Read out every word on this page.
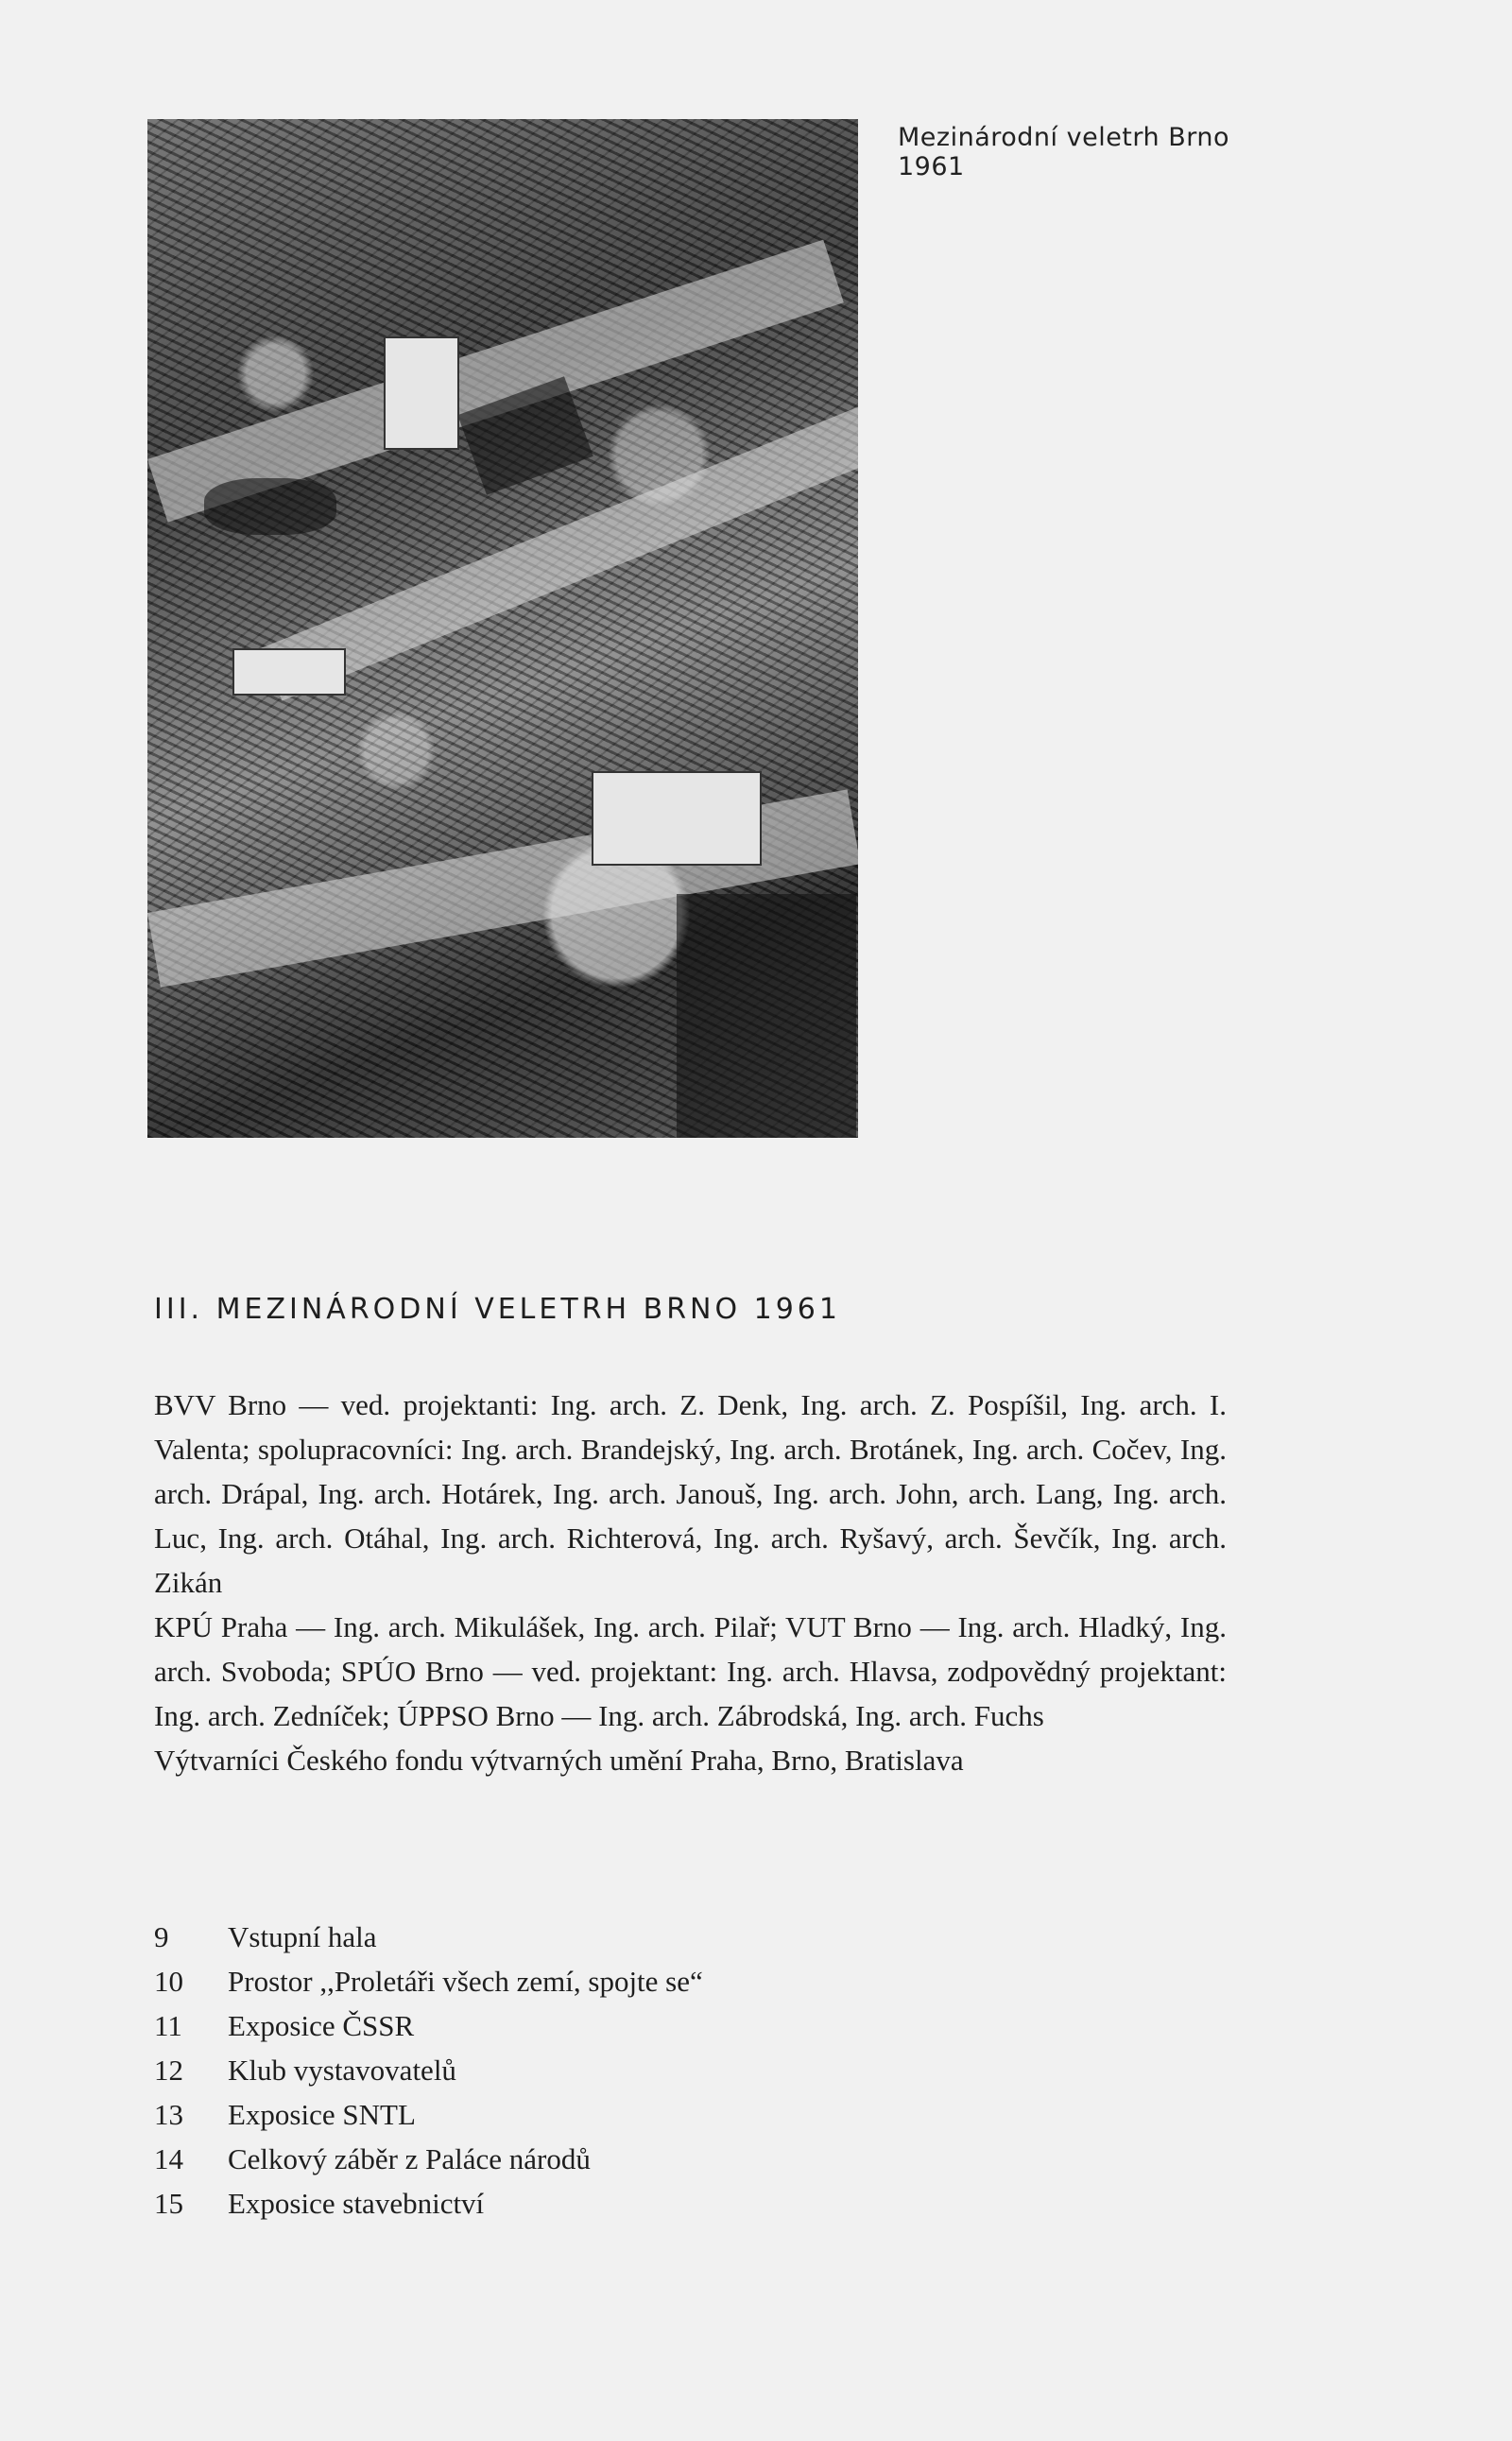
Mezinárodní veletrh Brno 1961
III. MEZINÁRODNÍ VELETRH BRNO 1961

BVV Brno — ved. projektanti: Ing. arch. Z. Denk, Ing. arch. Z. Pospíšil, Ing. arch. I. Valenta; spolupracovníci: Ing. arch. Brandejský, Ing. arch. Brotánek, Ing. arch. Cočev, Ing. arch. Drápal, Ing. arch. Hotárek, Ing. arch. Janouš, Ing. arch. John, arch. Lang, Ing. arch. Luc, Ing. arch. Otáhal, Ing. arch. Richterová, Ing. arch. Ryšavý, arch. Ševčík, Ing. arch. Zikán

KPÚ Praha — Ing. arch. Mikulášek, Ing. arch. Pilař; VUT Brno — Ing. arch. Hladký, Ing. arch. Svoboda; SPÚO Brno — ved. projektant: Ing. arch. Hlavsa, zodpovědný projektant: Ing. arch. Zedníček; ÚPPSO Brno — Ing. arch. Zábrodská, Ing. arch. Fuchs

Výtvarníci Českého fondu výtvarných umění Praha, Brno, Bratislava

9	Vstupní hala
10	Prostor ,,Proletáři všech zemí, spojte se“
11	Exposice ČSSR
12	Klub vystavovatelů
13	Exposice SNTL
14	Celkový záběr z Paláce národů
15	Exposice stavebnictví
